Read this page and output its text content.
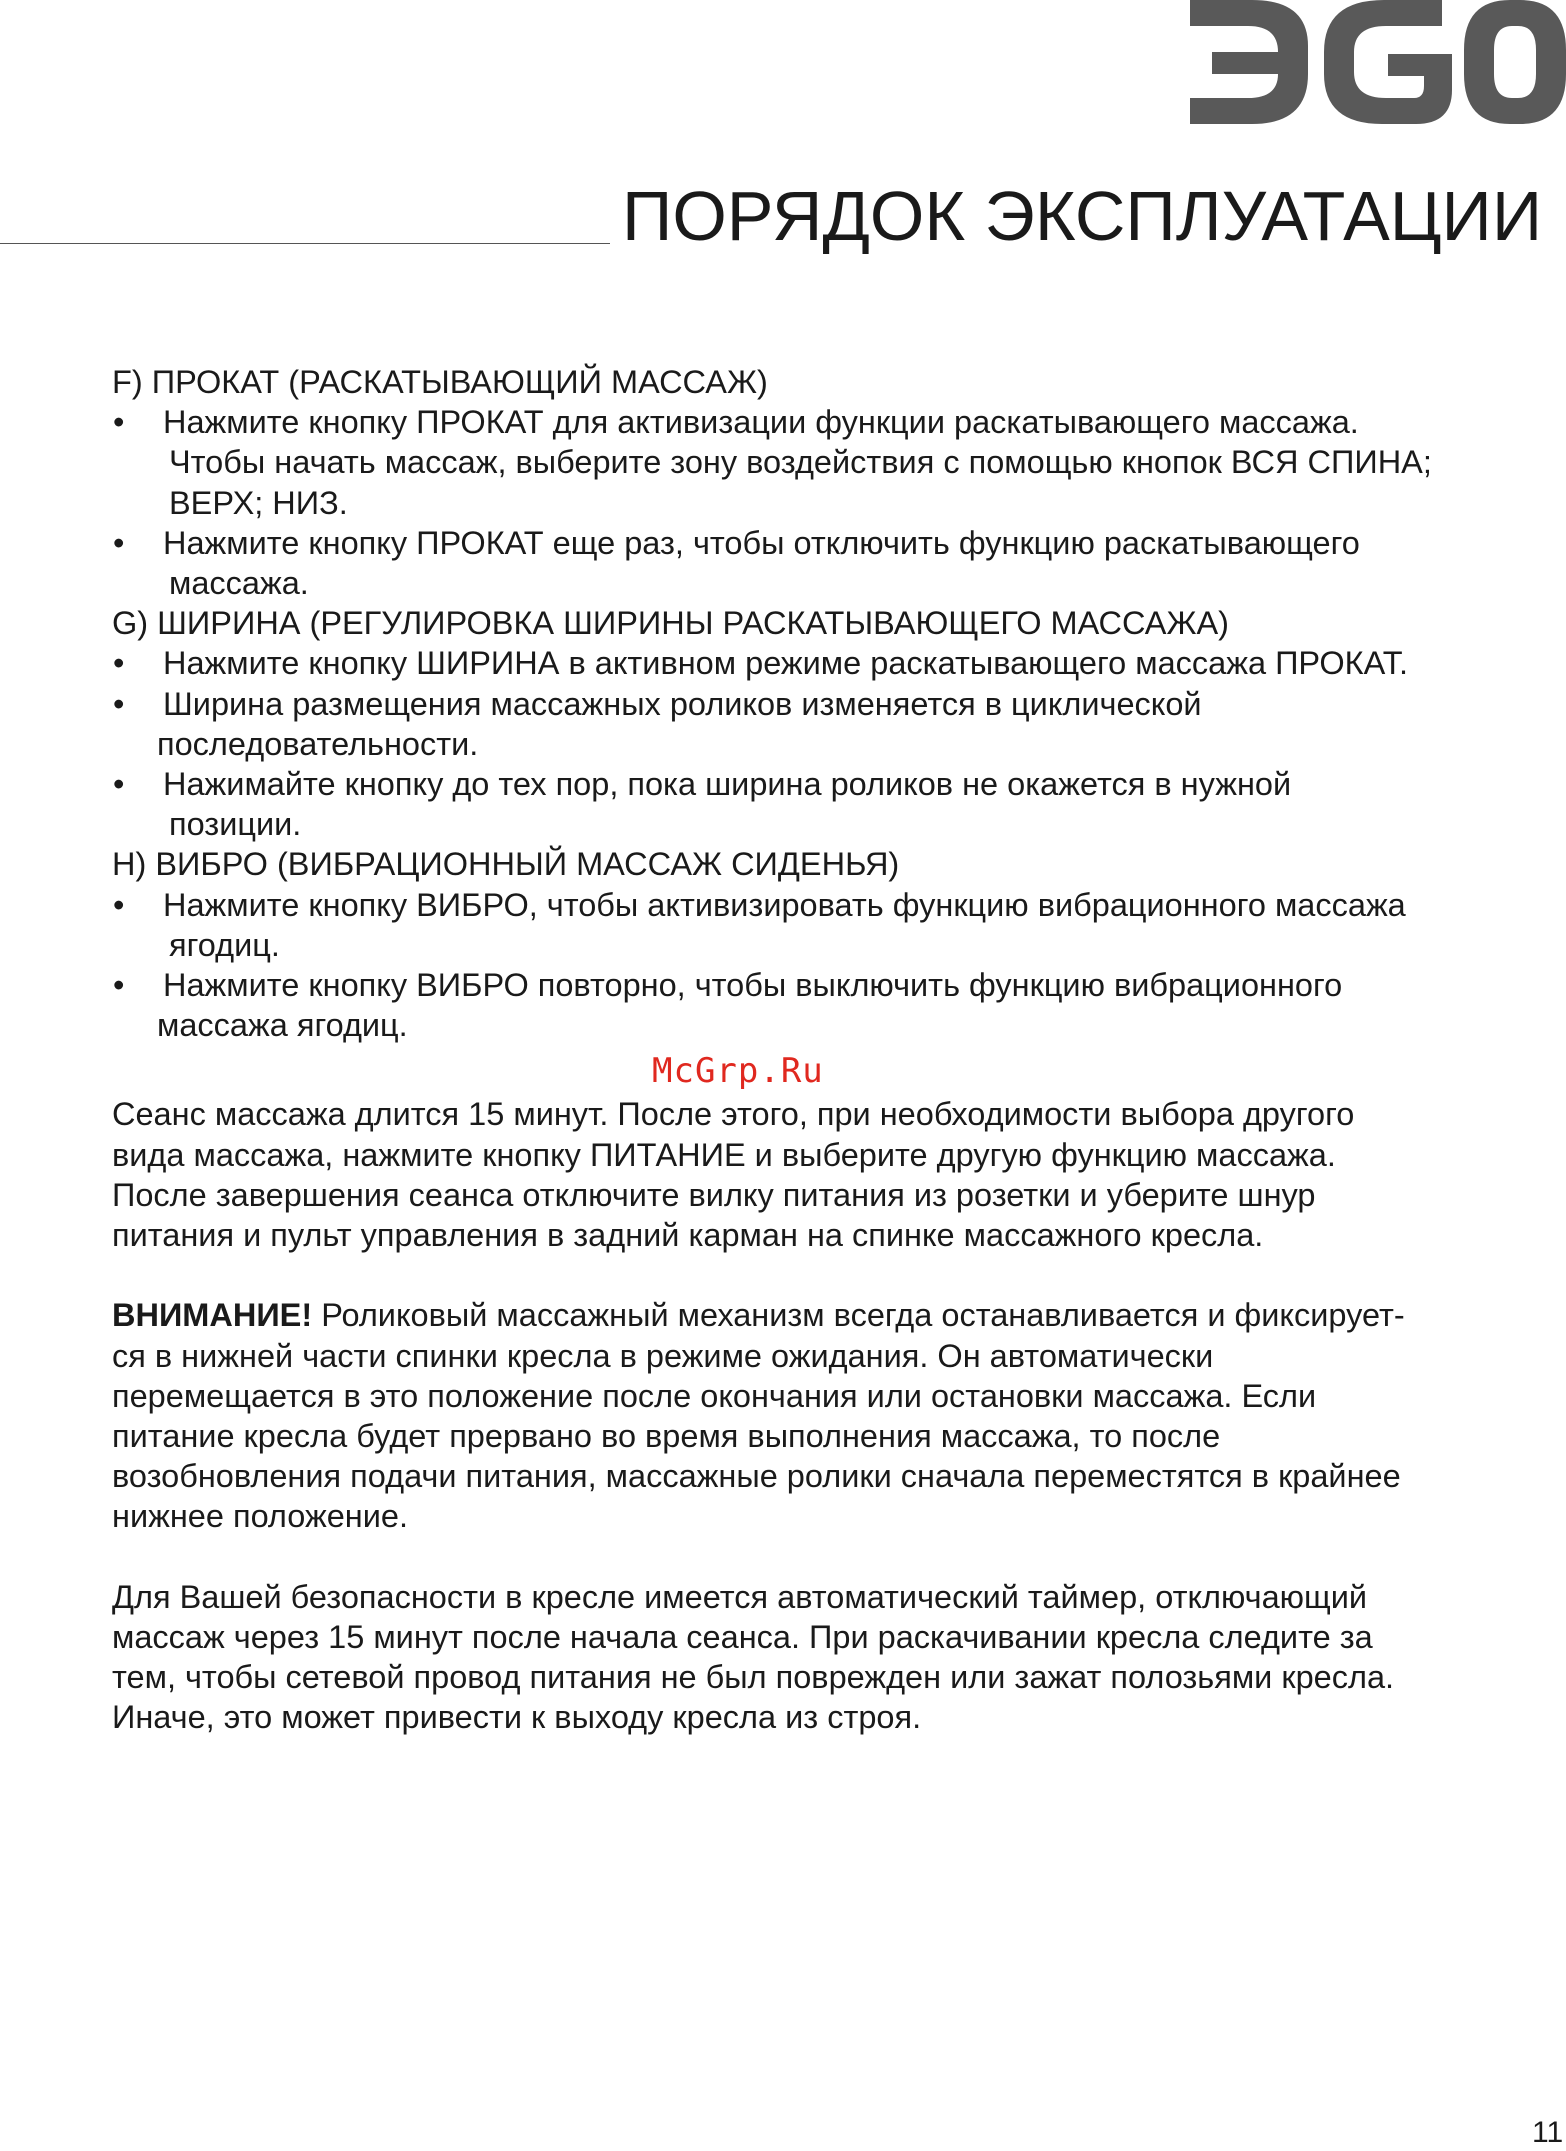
ПОРЯДОК ЭКСПЛУАТАЦИИ

F) ПРОКАТ (РАСКАТЫВАЮЩИЙ МАССАЖ)

• Нажмите кнопку ПРОКАТ для активизации функции раскатывающего массажа.
Чтобы начать массаж, выберите зону воздействия с помощью кнопок ВСЯ СПИНА;
ВЕРХ; НИЗ.
• Нажмите кнопку ПРОКАТ еще раз, чтобы отключить функцию раскатывающего
массажа.

G) ШИРИНА (РЕГУЛИРОВКА ШИРИНЫ РАСКАТЫВАЮЩЕГО МАССАЖА)

• Нажмите кнопку ШИРИНА в активном режиме раскатывающего массажа ПРОКАТ.
• Ширина размещения массажных роликов изменяется в циклической
последовательности.
• Нажимайте кнопку до тех пор, пока ширина роликов не окажется в нужной
позиции.

H) ВИБРО (ВИБРАЦИОННЫЙ МАССАЖ СИДЕНЬЯ)

• Нажмите кнопку ВИБРО, чтобы активизировать функцию вибрационного массажа
ягодиц.
• Нажмите кнопку ВИБРО повторно, чтобы выключить функцию вибрационного
массажа ягодиц.
McGrp.Ru

Сеанс массажа длится 15 минут. После этого, при необходимости выбора другого
вида массажа, нажмите кнопку ПИТАНИЕ и выберите другую функцию массажа.
После завершения сеанса отключите вилку питания из розетки и уберите шнур
питания и пульт управления в задний карман на спинке массажного кресла.

ВНИМАНИЕ! Роликовый массажный механизм всегда останавливается и фиксирует-
ся в нижней части спинки кресла в режиме ожидания. Он автоматически
перемещается в это положение после окончания или остановки массажа. Если
питание кресла будет прервано во время выполнения массажа, то после
возобновления подачи питания, массажные ролики сначала переместятся в крайнее
нижнее положение.

Для Вашей безопасности в кресле имеется автоматический таймер, отключающий
массаж через 15 минут после начала сеанса. При раскачивании кресла следите за
тем, чтобы сетевой провод питания не был поврежден или зажат полозьями кресла.
Иначе, это может привести к выходу кресла из строя.

11
